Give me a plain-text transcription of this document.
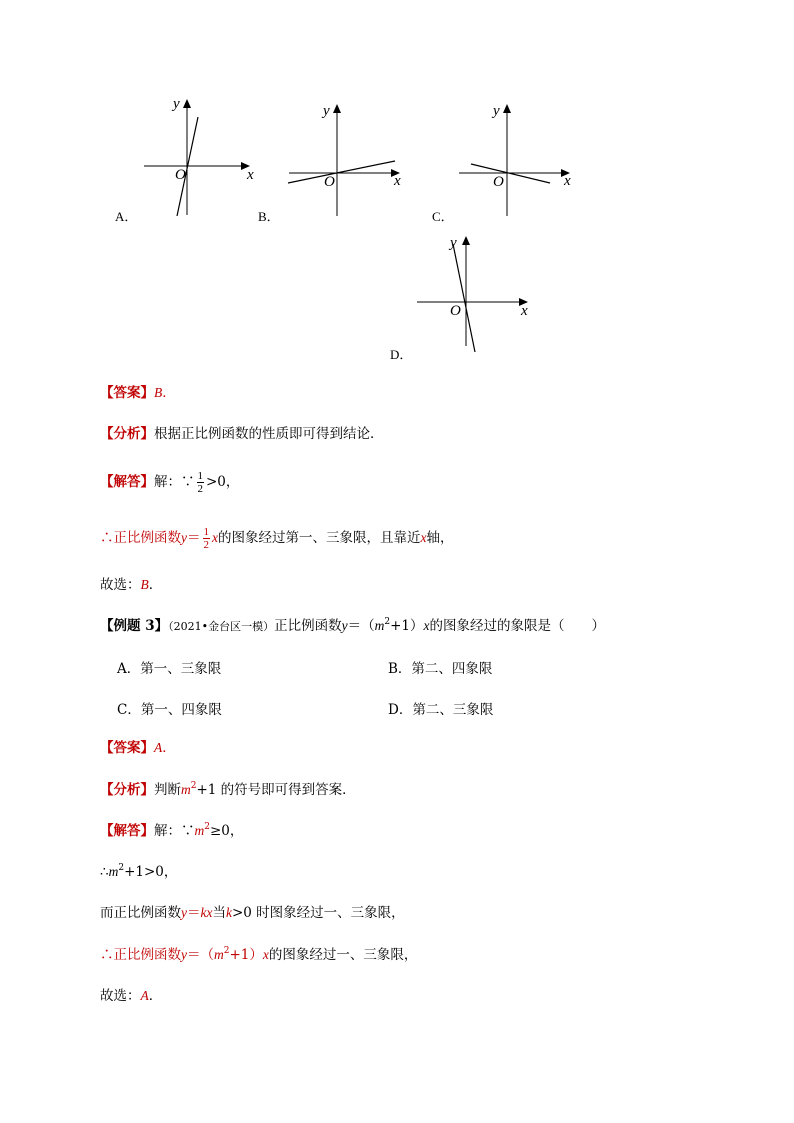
x
y
O
A．
x
y
O
B．
x
y
O
C．
x
y
O
D．
【答案】B．
【分析】根据正比例函数的性质即可得到结论．
【解答】解：∵ $\frac{1}{2} >0$，
∴正比例函数$y= \frac{1}{2}$ x的图象经过第一、三象限，且靠近x轴，
故选：B．
【例题 3】（2021•金台区一模）正比例函数$y=(m^2+1)x$的图象经过的象限是（　　）
A．第一、三象限	B．第二、四象限
C．第一、四象限	D．第二、三象限
【答案】A．
【分析】判断$m^2+1$ 的符号即可得到答案．
【解答】解：$\because m^2\ge 0$，
$\therefore m^2+1>0$，
而正比例函数y＝kx当k>0 时图象经过一、三象限，
∴正比例函数$y=(m^2+1)x$的图象经过一、三象限，
故选：A．
